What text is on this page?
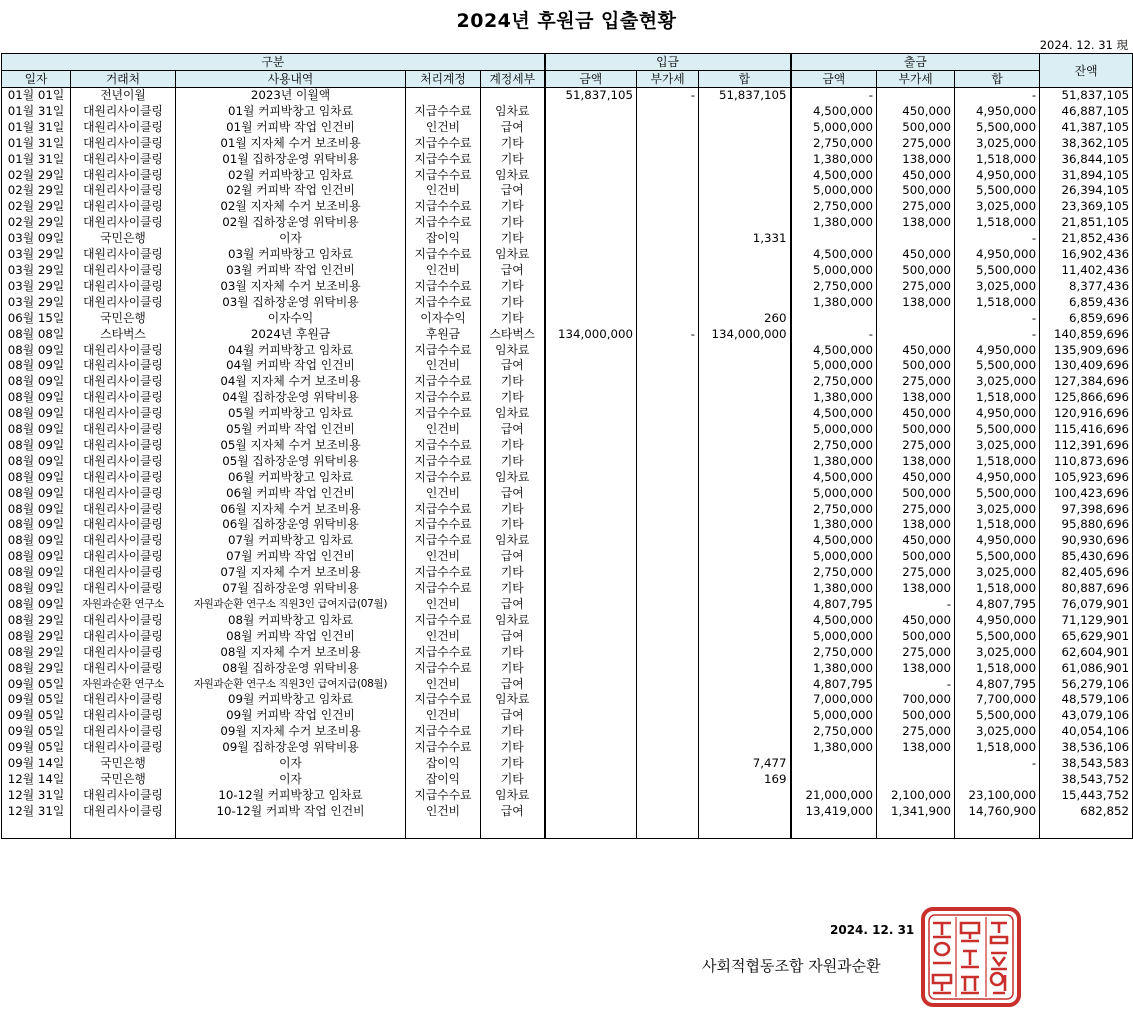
2024년 후원금 입출현황
2024. 12. 31 現
구분					입금			출금			잔액
일자	거래처	사용내역	처리계정	계정세부	금액	부가세	합	금액	부가세	합	
01월 01일	전년이월	2023년 이월액			51,837,105	-	51,837,105	-		-	51,837,105
01월 31일	대원리사이클링	01월 커피박창고 임차료	지급수수료	임차료				4,500,000	450,000	4,950,000	46,887,105
01월 31일	대원리사이클링	01월 커피박 작업 인건비	인건비	급여				5,000,000	500,000	5,500,000	41,387,105
01월 31일	대원리사이클링	01월 지자체 수거 보조비용	지급수수료	기타				2,750,000	275,000	3,025,000	38,362,105
01월 31일	대원리사이클링	01월 집하장운영 위탁비용	지급수수료	기타				1,380,000	138,000	1,518,000	36,844,105
02월 29일	대원리사이클링	02월 커피박창고 임차료	지급수수료	임차료				4,500,000	450,000	4,950,000	31,894,105
02월 29일	대원리사이클링	02월 커피박 작업 인건비	인건비	급여				5,000,000	500,000	5,500,000	26,394,105
02월 29일	대원리사이클링	02월 지자체 수거 보조비용	지급수수료	기타				2,750,000	275,000	3,025,000	23,369,105
02월 29일	대원리사이클링	02월 집하장운영 위탁비용	지급수수료	기타				1,380,000	138,000	1,518,000	21,851,105
03월 09일	국민은행	이자	잡이익	기타			1,331			-	21,852,436
03월 29일	대원리사이클링	03월 커피박창고 임차료	지급수수료	임차료				4,500,000	450,000	4,950,000	16,902,436
03월 29일	대원리사이클링	03월 커피박 작업 인건비	인건비	급여				5,000,000	500,000	5,500,000	11,402,436
03월 29일	대원리사이클링	03월 지자체 수거 보조비용	지급수수료	기타				2,750,000	275,000	3,025,000	8,377,436
03월 29일	대원리사이클링	03월 집하장운영 위탁비용	지급수수료	기타				1,380,000	138,000	1,518,000	6,859,436
06월 15일	국민은행	이자수익	이자수익	기타			260			-	6,859,696
08월 08일	스타벅스	2024년 후원금	후원금	스타벅스	134,000,000	-	134,000,000	-		-	140,859,696
08월 09일	대원리사이클링	04월 커피박창고 임차료	지급수수료	임차료				4,500,000	450,000	4,950,000	135,909,696
08월 09일	대원리사이클링	04월 커피박 작업 인건비	인건비	급여				5,000,000	500,000	5,500,000	130,409,696
08월 09일	대원리사이클링	04월 지자체 수거 보조비용	지급수수료	기타				2,750,000	275,000	3,025,000	127,384,696
08월 09일	대원리사이클링	04월 집하장운영 위탁비용	지급수수료	기타				1,380,000	138,000	1,518,000	125,866,696
08월 09일	대원리사이클링	05월 커피박창고 임차료	지급수수료	임차료				4,500,000	450,000	4,950,000	120,916,696
08월 09일	대원리사이클링	05월 커피박 작업 인건비	인건비	급여				5,000,000	500,000	5,500,000	115,416,696
08월 09일	대원리사이클링	05월 지자체 수거 보조비용	지급수수료	기타				2,750,000	275,000	3,025,000	112,391,696
08월 09일	대원리사이클링	05월 집하장운영 위탁비용	지급수수료	기타				1,380,000	138,000	1,518,000	110,873,696
08월 09일	대원리사이클링	06월 커피박창고 임차료	지급수수료	임차료				4,500,000	450,000	4,950,000	105,923,696
08월 09일	대원리사이클링	06월 커피박 작업 인건비	인건비	급여				5,000,000	500,000	5,500,000	100,423,696
08월 09일	대원리사이클링	06월 지자체 수거 보조비용	지급수수료	기타				2,750,000	275,000	3,025,000	97,398,696
08월 09일	대원리사이클링	06월 집하장운영 위탁비용	지급수수료	기타				1,380,000	138,000	1,518,000	95,880,696
08월 09일	대원리사이클링	07월 커피박창고 임차료	지급수수료	임차료				4,500,000	450,000	4,950,000	90,930,696
08월 09일	대원리사이클링	07월 커피박 작업 인건비	인건비	급여				5,000,000	500,000	5,500,000	85,430,696
08월 09일	대원리사이클링	07월 지자체 수거 보조비용	지급수수료	기타				2,750,000	275,000	3,025,000	82,405,696
08월 09일	대원리사이클링	07월 집하장운영 위탁비용	지급수수료	기타				1,380,000	138,000	1,518,000	80,887,696
08월 09일	자원과순환 연구소	자원과순환 연구소 직원3인 급여지급(07월)	인건비	급여				4,807,795	-	4,807,795	76,079,901
08월 29일	대원리사이클링	08월 커피박창고 임차료	지급수수료	임차료				4,500,000	450,000	4,950,000	71,129,901
08월 29일	대원리사이클링	08월 커피박 작업 인건비	인건비	급여				5,000,000	500,000	5,500,000	65,629,901
08월 29일	대원리사이클링	08월 지자체 수거 보조비용	지급수수료	기타				2,750,000	275,000	3,025,000	62,604,901
08월 29일	대원리사이클링	08월 집하장운영 위탁비용	지급수수료	기타				1,380,000	138,000	1,518,000	61,086,901
09월 05일	자원과순환 연구소	자원과순환 연구소 직원3인 급여지급(08월)	인건비	급여				4,807,795	-	4,807,795	56,279,106
09월 05일	대원리사이클링	09월 커피박창고 임차료	지급수수료	임차료				7,000,000	700,000	7,700,000	48,579,106
09월 05일	대원리사이클링	09월 커피박 작업 인건비	인건비	급여				5,000,000	500,000	5,500,000	43,079,106
09월 05일	대원리사이클링	09월 지자체 수거 보조비용	지급수수료	기타				2,750,000	275,000	3,025,000	40,054,106
09월 05일	대원리사이클링	09월 집하장운영 위탁비용	지급수수료	기타				1,380,000	138,000	1,518,000	38,536,106
09월 14일	국민은행	이자	잡이익	기타			7,477			-	38,543,583
12월 14일	국민은행	이자	잡이익	기타			169				38,543,752
12월 31일	대원리사이클링	10-12월 커피박창고 임차료	지급수수료	임차료				21,000,000	2,100,000	23,100,000	15,443,752
12월 31일	대원리사이클링	10-12월 커피박 작업 인건비	인건비	급여				13,419,000	1,341,900	14,760,900	682,852

2024. 12. 31
사회적협동조합 자원과순환
